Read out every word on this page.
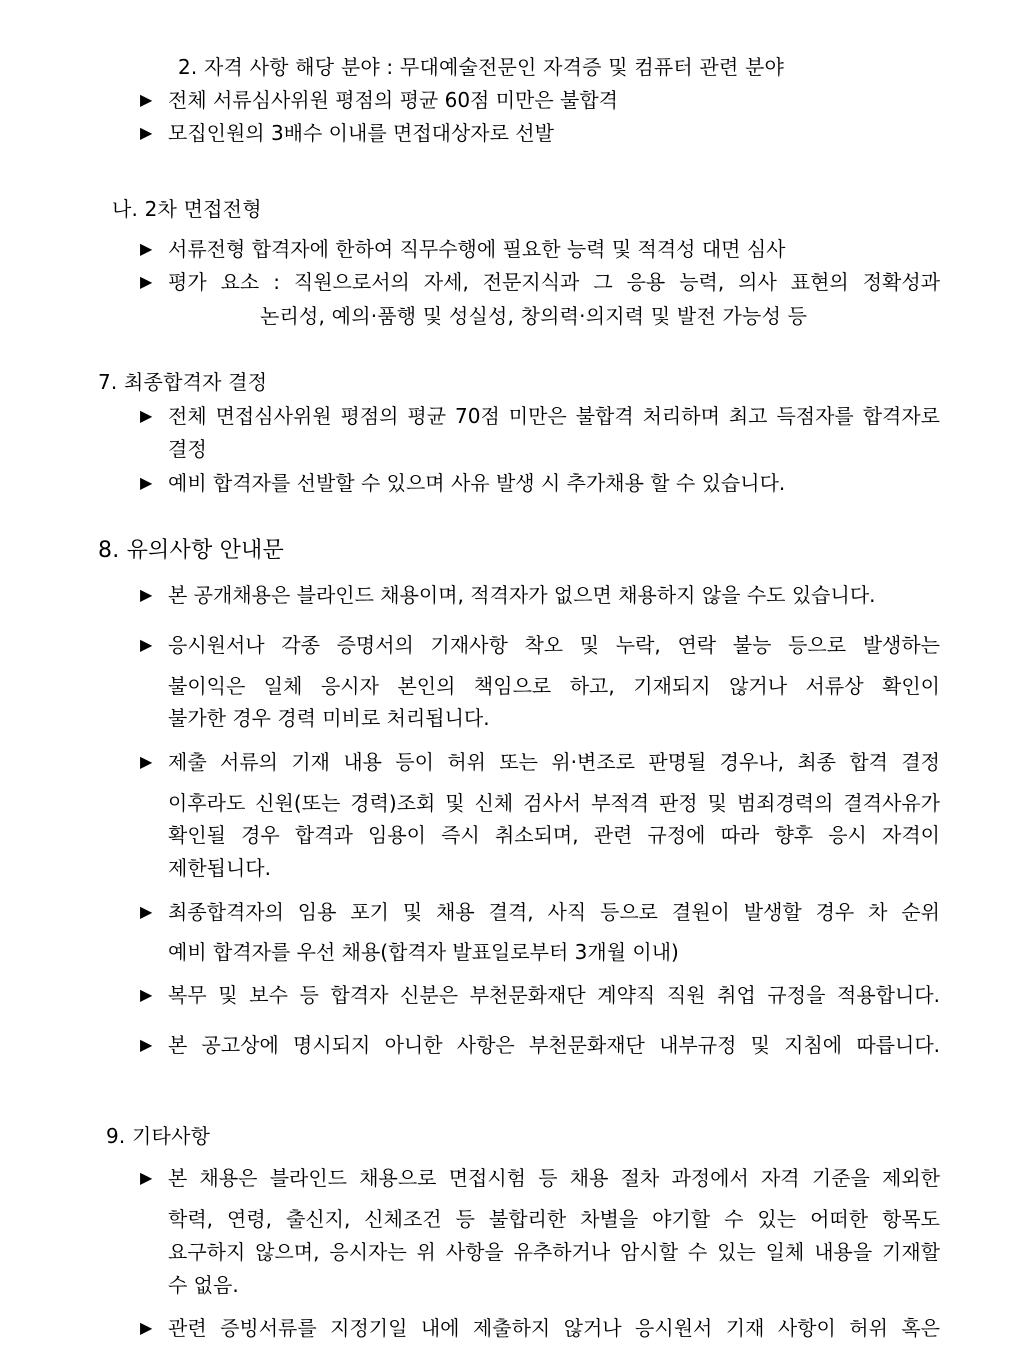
2. 자격 사항 해당 분야 : 무대예술전문인 자격증 및 컴퓨터 관련 분야
▶ 전체 서류심사위원 평점의 평균 60점 미만은 불합격
▶ 모집인원의 3배수 이내를 면접대상자로 선발
나. 2차 면접전형
▶ 서류전형 합격자에 한하여 직무수행에 필요한 능력 및 적격성 대면 심사
▶ 평가 요소 : 직원으로서의 자세, 전문지식과 그 응용 능력, 의사 표현의 정확성과
논리성, 예의·품행 및 성실성, 창의력·의지력 및 발전 가능성 등
7. 최종합격자 결정
▶ 전체 면접심사위원 평점의 평균 70점 미만은 불합격 처리하며 최고 득점자를 합격자로
결정
▶ 예비 합격자를 선발할 수 있으며 사유 발생 시 추가채용 할 수 있습니다.
8. 유의사항 안내문
▶ 본 공개채용은 블라인드 채용이며, 적격자가 없으면 채용하지 않을 수도 있습니다.
▶ 응시원서나 각종 증명서의 기재사항 착오 및 누락, 연락 불능 등으로 발생하는
불이익은 일체 응시자 본인의 책임으로 하고, 기재되지 않거나 서류상 확인이
불가한 경우 경력 미비로 처리됩니다.
▶ 제출 서류의 기재 내용 등이 허위 또는 위·변조로 판명될 경우나, 최종 합격 결정
이후라도 신원(또는 경력)조회 및 신체 검사서 부적격 판정 및 범죄경력의 결격사유가
확인될 경우 합격과 임용이 즉시 취소되며, 관련 규정에 따라 향후 응시 자격이
제한됩니다.
▶ 최종합격자의 임용 포기 및 채용 결격, 사직 등으로 결원이 발생할 경우 차 순위
예비 합격자를 우선 채용(합격자 발표일로부터 3개월 이내)
▶ 복무 및 보수 등 합격자 신분은 부천문화재단 계약직 직원 취업 규정을 적용합니다.
▶ 본 공고상에 명시되지 아니한 사항은 부천문화재단 내부규정 및 지침에 따릅니다.
9. 기타사항
▶ 본 채용은 블라인드 채용으로 면접시험 등 채용 절차 과정에서 자격 기준을 제외한
학력, 연령, 출신지, 신체조건 등 불합리한 차별을 야기할 수 있는 어떠한 항목도
요구하지 않으며, 응시자는 위 사항을 유추하거나 암시할 수 있는 일체 내용을 기재할
수 없음.
▶ 관련 증빙서류를 지정기일 내에 제출하지 않거나 응시원서 기재 사항이 허위 혹은
